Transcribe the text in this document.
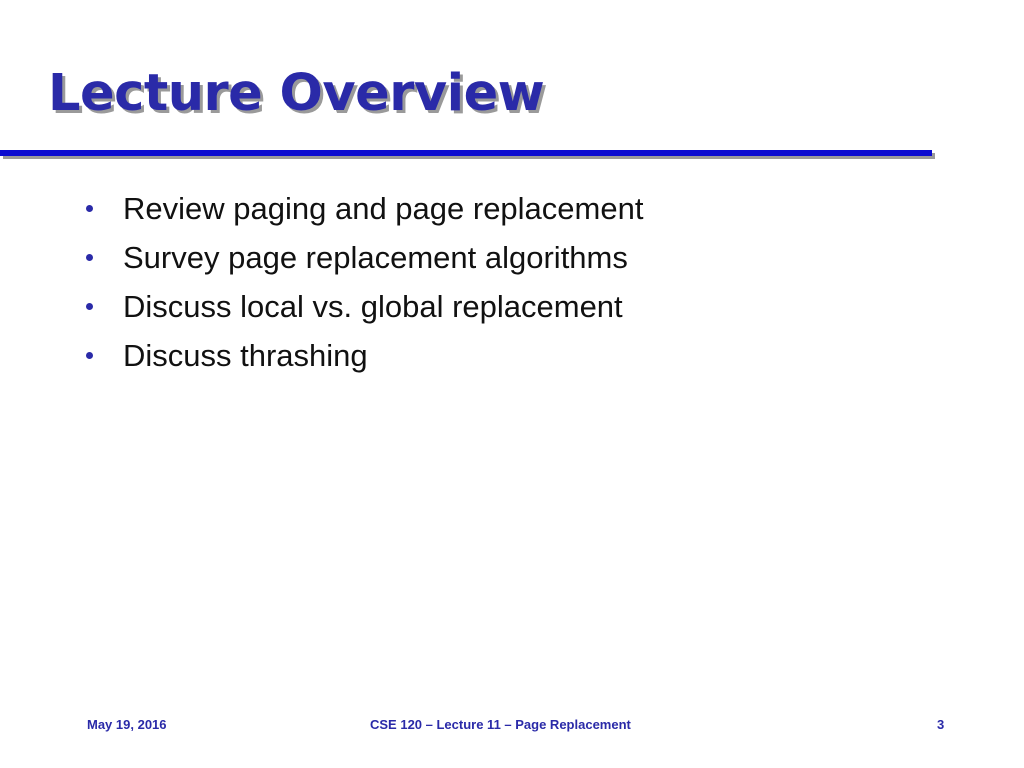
Lecture Overview
Review paging and page replacement
Survey page replacement algorithms
Discuss local vs. global replacement
Discuss thrashing
May 19, 2016	CSE 120 – Lecture 11 – Page Replacement	3
